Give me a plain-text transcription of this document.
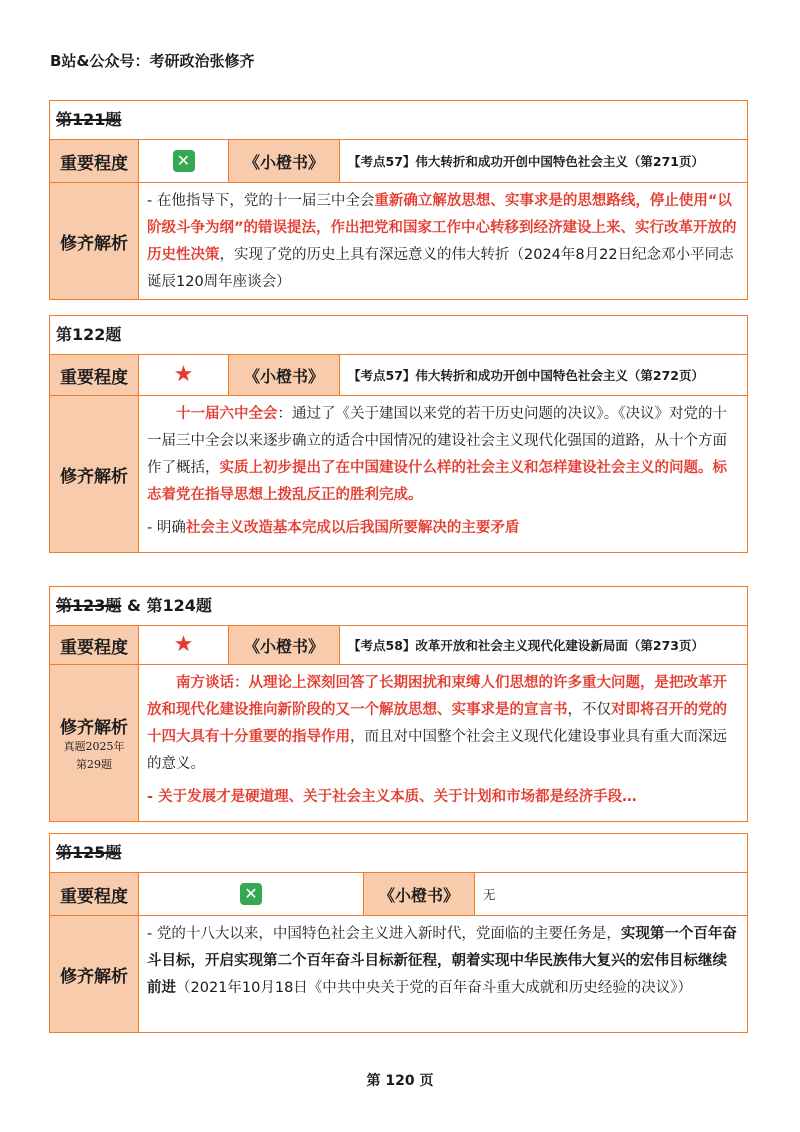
B站&公众号：考研政治张修齐
第121题
重要程度	✕	《小橙书》	【考点57】伟大转折和成功开创中国特色社会主义（第271页）
修齐解析
- 在他指导下，党的十一届三中全会重新确立解放思想、实事求是的思想路线，停止使用“以阶级斗争为纲”的错误提法，作出把党和国家工作中心转移到经济建设上来、实行改革开放的历史性决策，实现了党的历史上具有深远意义的伟大转折（2024年8月22日纪念邓小平同志诞辰120周年座谈会）
第122题
重要程度	★	《小橙书》	【考点57】伟大转折和成功开创中国特色社会主义（第272页）
修齐解析
十一届六中全会：通过了《关于建国以来党的若干历史问题的决议》。《决议》对党的十一届三中全会以来逐步确立的适合中国情况的建设社会主义现代化强国的道路，从十个方面作了概括，实质上初步提出了在中国建设什么样的社会主义和怎样建设社会主义的问题。标志着党在指导思想上拨乱反正的胜利完成。
- 明确社会主义改造基本完成以后我国所要解决的主要矛盾
第123题 & 第124题
重要程度	★	《小橙书》	【考点58】改革开放和社会主义现代化建设新局面（第273页）
修齐解析
真题2025年
第29题
南方谈话：从理论上深刻回答了长期困扰和束缚人们思想的许多重大问题，是把改革开放和现代化建设推向新阶段的又一个解放思想、实事求是的宣言书，不仅对即将召开的党的十四大具有十分重要的指导作用，而且对中国整个社会主义现代化建设事业具有重大而深远的意义。
- 关于发展才是硬道理、关于社会主义本质、关于计划和市场都是经济手段…
第125题
重要程度	✕	《小橙书》	无
修齐解析
- 党的十八大以来，中国特色社会主义进入新时代，党面临的主要任务是，实现第一个百年奋斗目标，开启实现第二个百年奋斗目标新征程，朝着实现中华民族伟大复兴的宏伟目标继续前进（2021年10月18日《中共中央关于党的百年奋斗重大成就和历史经验的决议》）
第 120 页
